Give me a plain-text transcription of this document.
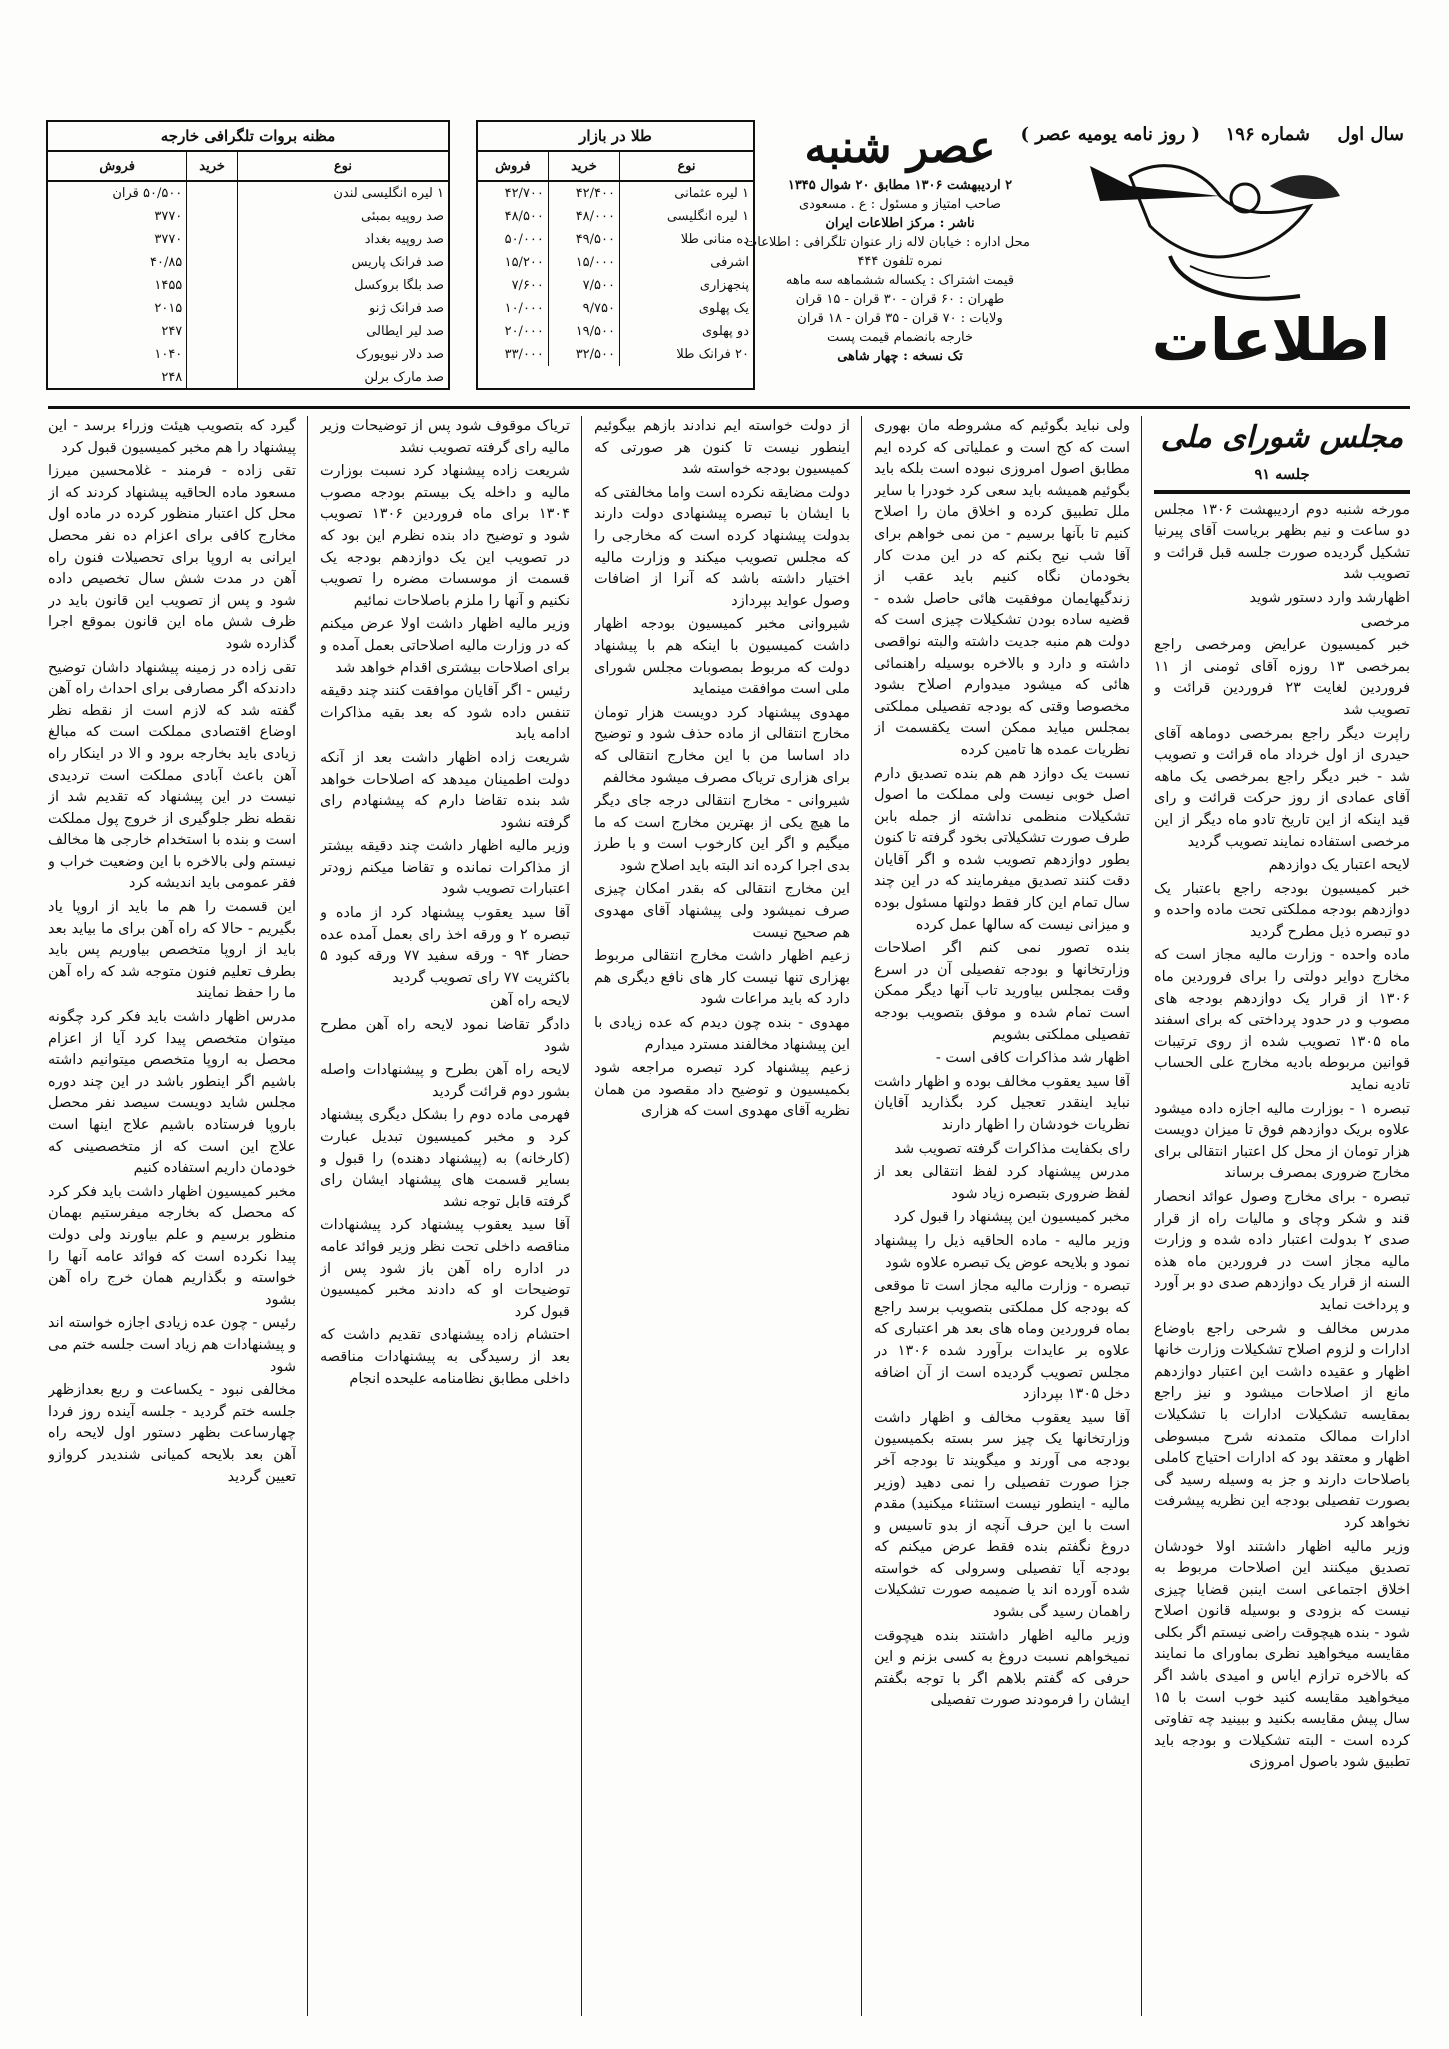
سال اول
شماره ۱۹۶
( روز نامه یومیه عصر )
اطلاعات
عصر شنبه
۲ اردیبهشت ۱۳۰۶ مطابق ۲۰ شوال ۱۳۴۵
صاحب امتیاز و مسئول : ع . مسعودی
ناشر : مرکز اطلاعات ایران
محل اداره : خیابان لاله زار عنوان تلگرافی : اطلاعات
نمره تلفون ۴۴۴
قیمت اشتراک : یکساله ششماهه سه ماهه
طهران : ۶۰ قران - ۳۰ قران - ۱۵ قران
ولایات : ۷۰ قران - ۳۵ قران - ۱۸ قران
خارجه بانضمام قیمت پست
تک نسخه : چهار شاهی
طلا در بازار
نوع	خرید	فروش
۱ لیره عثمانی	۴۲/۴۰۰	۴۲/۷۰۰
۱ لیره انگلیسی	۴۸/۰۰۰	۴۸/۵۰۰
ده منانی طلا	۴۹/۵۰۰	۵۰/۰۰۰
اشرفی	۱۵/۰۰۰	۱۵/۲۰۰
پنجهزاری	۷/۵۰۰	۷/۶۰۰
یک پهلوی	۹/۷۵۰	۱۰/۰۰۰
دو پهلوی	۱۹/۵۰۰	۲۰/۰۰۰
۲۰ فرانک طلا	۳۲/۵۰۰	۳۳/۰۰۰
مظنه بروات تلگرافی خارجه
نوع	خرید	فروش
۱ لیره انگلیسی لندن		۵۰/۵۰۰ قران
صد روپیه بمبئی		۳۷۷۰
صد روپیه بغداد		۳۷۷۰
صد فرانک پاریس		۴۰/۸۵
صد بلگا بروکسل		۱۴۵۵
صد فرانک ژنو		۲۰۱۵
صد لیر ایطالی		۲۴۷
صد دلار نیویورک		۱۰۴۰
صد مارک برلن		۲۴۸
مجلس شورای ملی
جلسه ۹۱

مورخه شنبه دوم اردیبهشت ۱۳۰۶ مجلس دو ساعت و نیم بظهر بریاست آقای پیرنیا تشکیل گردیده صورت جلسه قبل قرائت و تصویب شد

اظهارشد وارد دستور شوید

مرخصی

خبر کمیسیون عرایض ومرخصی راجع بمرخصی ۱۳ روزه آقای ثومنی از ۱۱ فروردین لغایت ۲۳ فروردین قرائت و تصویب شد

راپرت دیگر راجع بمرخصی دوماهه آقای حیدری از اول خرداد ماه قرائت و تصویب شد - خبر دیگر راجع بمرخصی یک ماهه آقای عمادی از روز حرکت قرائت و رای قید اینکه از این تاریخ تادو ماه دیگر از این مرخصی استفاده نمایند تصویب گردید

لایحه اعتبار یک دوازدهم

خبر کمیسیون بودجه راجع باعتبار یک دوازدهم بودجه مملکتی تحت ماده واحده و دو تبصره ذیل مطرح گردید

ماده واحده - وزارت مالیه مجاز است که مخارج دوایر دولتی را برای فروردین ماه ۱۳۰۶ از قرار یک دوازدهم بودجه های مصوب و در حدود پرداختی که برای اسفند ماه ۱۳۰۵ تصویب شده از روی ترتیبات قوانین مربوطه بادیه مخارج علی الحساب تادیه نماید

تبصره ۱ - بوزارت مالیه اجازه داده میشود علاوه بریک دوازدهم فوق تا میزان دویست هزار تومان از محل کل اعتبار انتقالی برای مخارج ضروری بمصرف برساند

تبصره - برای مخارج وصول عوائد انحصار قند و شکر وچای و مالیات راه از قرار صدی ۲ بدولت اعتبار داده شده و وزارت مالیه مجاز است در فروردین ماه هذه السنه از قرار یک دوازدهم صدی دو بر آورد و پرداخت نماید

مدرس مخالف و شرحی راجع باوضاع ادارات و لزوم اصلاح تشکیلات وزارت خانها اظهار و عقیده داشت این اعتبار دوازدهم مانع از اصلاحات میشود و نیز راجع بمقایسه تشکیلات ادارات با تشکیلات ادارات ممالک متمدنه شرح مبسوطی اظهار و معتقد بود که ادارات احتیاج کاملی باصلاحات دارند و جز به وسیله رسید گی بصورت تفصیلی بودجه این نظریه پیشرفت نخواهد کرد

وزیر مالیه اظهار داشتند اولا خودشان تصدیق میکنند این اصلاحات مربوط به اخلاق اجتماعی است اینبن قضایا چیزی نیست که بزودی و بوسیله قانون اصلاح شود - بنده هیچوقت راضی نیستم اگر بکلی مقایسه میخواهید نظری بماورای ما نمایند که بالاخره ترازم ایاس و امیدی باشد اگر میخواهید مقایسه کنید خوب است با ۱۵ سال پیش مقایسه بکنید و ببینید چه تفاوتی کرده است - البته تشکیلات و بودجه باید تطبیق شود باصول امروزی

ولی نباید بگوئیم که مشروطه مان بهوری است که کج است و عملیاتی که کرده ایم مطابق اصول امروزی نبوده است بلکه باید بگوئیم همیشه باید سعی کرد خودرا با سایر ملل تطبیق کرده و اخلاق مان را اصلاح کنیم تا بآنها برسیم - من نمی خواهم برای آقا شب نیح بکنم که در این مدت کار بخودمان نگاه کنیم باید عقب از زندگیهایمان موفقیت هائی حاصل شده - قضیه ساده بودن تشکیلات چیزی است که دولت هم منبه جدیت داشته والبته نواقصی داشته و دارد و بالاخره بوسیله راهنمائی هائی که میشود میدوارم اصلاح بشود مخصوصا وقتی که بودجه تفصیلی مملکتی بمجلس میاید ممکن است یکقسمت از نظریات عمده ها تامین کرده

نسبت یک دوازد هم هم بنده تصدیق دارم اصل خوبی نیست ولی مملکت ما اصول تشکیلات منظمی نداشته از جمله بابن طرف صورت تشکیلاتی بخود گرفته تا کنون بطور دوازدهم تصویب شده و اگر آقایان دقت کنند تصدیق میفرمایند که در این چند سال تمام این کار فقط دولتها مسئول بوده و میزانی نیست که سالها عمل کرده

بنده تصور نمی کنم اگر اصلاحات وزارتخانها و بودجه تفصیلی آن در اسرع وقت بمجلس بیاورید تاب آنها دیگر ممکن است تمام شده و موفق بتصویب بودجه تفصیلی مملکتی بشویم

اظهار شد مذاکرات کافی است -

آقا سید یعقوب مخالف بوده و اظهار داشت نباید اینقدر تعجیل کرد بگذارید آقایان نظریات خودشان را اظهار دارند

رای بکفایت مذاکرات گرفته تصویب شد

مدرس پیشنهاد کرد لفظ انتقالی بعد از لفظ ضروری بتبصره زیاد شود

مخبر کمیسیون این پیشنهاد را قبول کرد

وزیر مالیه - ماده الحاقیه ذیل را پیشنهاد نمود و بلایحه عوض یک تبصره علاوه شود

تبصره - وزارت مالیه مجاز است تا موقعی که بودجه کل مملکتی بتصویب برسد راجع بماه فروردین وماه های بعد هر اعتباری که علاوه بر عایدات برآورد شده ۱۳۰۶ در مجلس تصویب گردیده است از آن اضافه دخل ۱۳۰۵ بپردازد

آقا سید یعقوب مخالف و اظهار داشت وزارتخانها یک چیز سر بسته بکمیسیون بودجه می آورند و میگویند تا بودجه آخر جزا صورت تفصیلی را نمی دهید (وزیر مالیه - اینطور نیست استثناء میکنید) مقدم است با این حرف آنچه از بدو تاسیس و دروغ نگفتم بنده فقط عرض میکنم که بودجه آیا تفصیلی وسرولی که خواسته شده آورده اند یا ضمیمه صورت تشکیلات راهمان رسید گی بشود

وزیر مالیه اظهار داشتند بنده هیچوقت نمیخواهم نسبت دروغ به کسی بزنم و این حرفی که گفتم بلاهم اگر با توجه بگفتم ایشان را فرمودند صورت تفصیلی

از دولت خواسته ایم ندادند بازهم بیگوئیم اینطور نیست تا کنون هر صورتی که کمیسیون بودجه خواسته شد

دولت مضایقه نکرده است واما مخالفتی که با ایشان با تبصره پیشنهادی دولت دارند بدولت پیشنهاد کرده است که مخارجی را که مجلس تصویب میکند و وزارت مالیه اختیار داشته باشد که آنرا از اضافات وصول عواید بپردازد

شیروانی مخبر کمیسیون بودجه اظهار داشت کمیسیون با اینکه هم با پیشنهاد دولت که مربوط بمصوبات مجلس شورای ملی است موافقت مینماید

مهدوی پیشنهاد کرد دویست هزار تومان مخارج انتقالی از ماده حذف شود و توضیح داد اساسا من با این مخارج انتقالی که برای هزاری تریاک مصرف میشود مخالفم

شیروانی - مخارج انتقالی درجه جای دیگر ما هیچ یکی از بهترین مخارج است که ما میگیم و اگر این کارخوب است و با طرز بدی اجرا کرده اند البته باید اصلاح شود

این مخارج انتقالی که بقدر امکان چیزی صرف نمیشود ولی پیشنهاد آقای مهدوی هم صحیح نیست

زعیم اظهار داشت مخارج انتقالی مربوط بهزاری تنها نیست کار های نافع دیگری هم دارد که باید مراعات شود

مهدوی - بنده چون دیدم که عده زیادی با این پیشنهاد مخالفند مسترد میدارم

زعیم پیشنهاد کرد تبصره مراجعه شود بکمیسیون و توضیح داد مقصود من همان نظریه آقای مهدوی است که هزاری

تریاک موقوف شود پس از توضیحات وزیر مالیه رای گرفته تصویب نشد

شریعت زاده پیشنهاد کرد نسبت بوزارت مالیه و داخله یک بیستم بودجه مصوب ۱۳۰۴ برای ماه فروردین ۱۳۰۶ تصویب شود و توضیح داد بنده نظرم این بود که در تصویب این یک دوازدهم بودجه یک قسمت از موسسات مضره را تصویب نکنیم و آنها را ملزم باصلاحات نمائیم

وزیر مالیه اظهار داشت اولا عرض میکنم که در وزارت مالیه اصلاحاتی بعمل آمده و برای اصلاحات بیشتری اقدام خواهد شد

رئیس - اگر آقایان موافقت کنند چند دقیقه تنفس داده شود که بعد بقیه مذاکرات ادامه یابد

شریعت زاده اظهار داشت بعد از آنکه دولت اطمینان میدهد که اصلاحات خواهد شد بنده تقاضا دارم که پیشنهادم رای گرفته نشود

وزیر مالیه اظهار داشت چند دقیقه بیشتر از مذاکرات نمانده و تقاضا میکنم زودتر اعتبارات تصویب شود

آقا سید یعقوب پیشنهاد کرد از ماده و تبصره ۲ و ورقه اخذ رای بعمل آمده عده حضار ۹۴ - ورقه سفید ۷۷ ورقه کبود ۵ باکثریت ۷۷ رای تصویب گردید

لایحه راه آهن

دادگر تقاضا نمود لایحه راه آهن مطرح شود

لایحه راه آهن بطرح و پیشنهادات واصله بشور دوم قرائت گردید

فهرمی ماده دوم را بشکل دیگری پیشنهاد کرد و مخبر کمیسیون تبدیل عبارت (کارخانه) به (پیشنهاد دهنده) را قبول و بسایر قسمت های پیشنهاد ایشان رای گرفته قابل توجه نشد

آقا سید یعقوب پیشنهاد کرد پیشنهادات مناقصه داخلی تحت نظر وزیر فوائد عامه در اداره راه آهن باز شود پس از توضیحات او که دادند مخبر کمیسیون قبول کرد

احتشام زاده پیشنهادی تقدیم داشت که بعد از رسیدگی به پیشنهادات مناقصه داخلی مطابق نظامنامه علیحده انجام

گیرد که بتصویب هیئت وزراء برسد - این پیشنهاد را هم مخبر کمیسیون قبول کرد

تقی زاده - فرمند - غلامحسین میرزا مسعود ماده الحاقیه پیشنهاد کردند که از محل کل اعتبار منظور کرده در ماده اول مخارج کافی برای اعزام ده نفر محصل ایرانی به اروپا برای تحصیلات فنون راه آهن در مدت شش سال تخصیص داده شود و پس از تصویب این قانون باید در ظرف شش ماه این قانون بموقع اجرا گذارده شود

تقی زاده در زمینه پیشنهاد داشان توضیح دادندکه اگر مصارفی برای احداث راه آهن گفته شد که لازم است از نقطه نظر اوضاع اقتصادی مملکت است که مبالغ زیادی باید بخارجه برود و الا در اینکار راه آهن باعث آبادی مملکت است تردیدی نیست در این پیشنهاد که تقدیم شد از نقطه نظر جلوگیری از خروج پول مملکت است و بنده با استخدام خارجی ها مخالف نیستم ولی بالاخره با این وضعیت خراب و فقر عمومی باید اندیشه کرد

این قسمت را هم ما باید از اروپا یاد بگیریم - حالا که راه آهن برای ما بیاید بعد باید از اروپا متخصص بیاوریم پس باید بطرف تعلیم فنون متوجه شد که راه آهن ما را حفظ نمایند

مدرس اظهار داشت باید فکر کرد چگونه میتوان متخصص پیدا کرد آیا از اعزام محصل به اروپا متخصص میتوانیم داشته باشیم اگر اینطور باشد در این چند دوره مجلس شاید دویست سیصد نفر محصل باروپا فرستاده باشیم علاج اینها است علاج این است که از متخصصینی که خودمان داریم استفاده کنیم

مخبر کمیسیون اظهار داشت باید فکر کرد که محصل که بخارجه میفرستیم بهمان منظور برسیم و علم بیاورند ولی دولت پیدا نکرده است که فوائد عامه آنها را خواسته و بگذاریم همان خرج راه آهن بشود

رئیس - چون عده زیادی اجازه خواسته اند و پیشنهادات هم زیاد است جلسه ختم می شود

مخالفی نبود - یکساعت و ربع بعدازظهر جلسه ختم گردید - جلسه آینده روز فردا چهارساعت بظهر دستور اول لایحه راه آهن بعد بلایحه کمیانی شندیدر کروازو تعیین گردید
